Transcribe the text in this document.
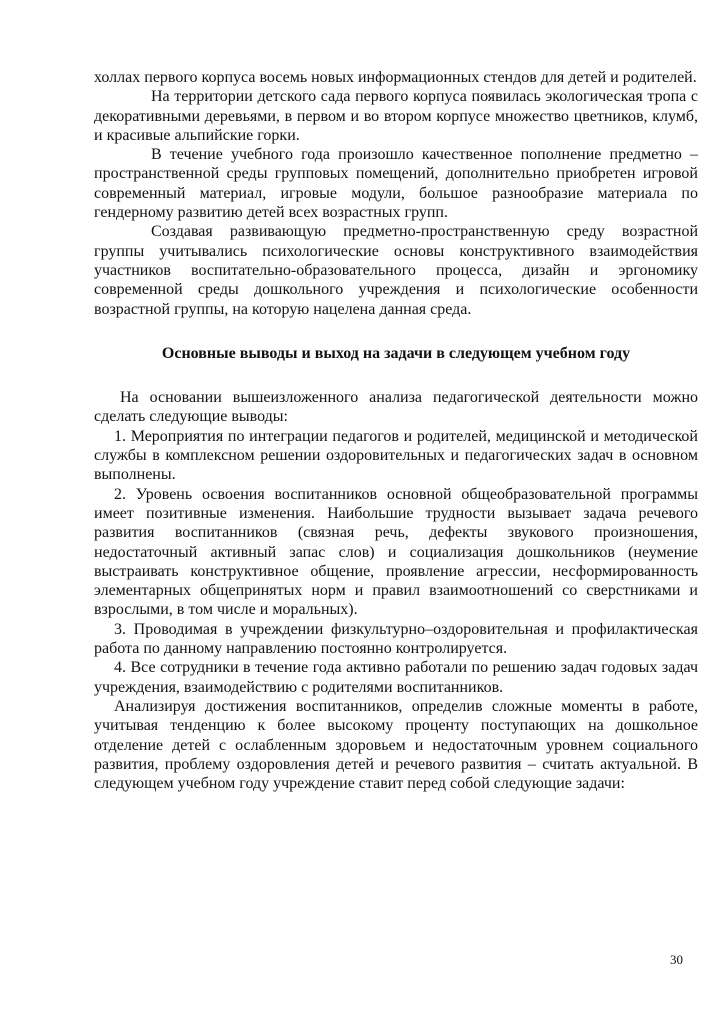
холлах первого корпуса восемь новых информационных стендов для детей и родителей.

На территории детского сада первого корпуса появилась экологическая тропа с декоративными деревьями, в первом и во втором корпусе множество цветников, клумб, и красивые альпийские горки.

В течение учебного года произошло качественное пополнение предметно – пространственной среды групповых помещений, дополнительно приобретен игровой современный материал, игровые модули, большое разнообразие материала по гендерному развитию детей всех возрастных групп.

Создавая развивающую предметно-пространственную среду возрастной группы учитывались психологические основы конструктивного взаимодействия участников воспитательно-образовательного процесса, дизайн и эргономику современной среды дошкольного учреждения и психологические особенности возрастной группы, на которую нацелена данная среда.

Основные выводы и выход на задачи в следующем учебном году

На основании вышеизложенного анализа педагогической деятельности можно сделать следующие выводы:

1. Мероприятия по интеграции педагогов и родителей, медицинской и методической службы в комплексном решении оздоровительных и педагогических задач в основном выполнены.

2. Уровень освоения воспитанников основной общеобразовательной программы имеет позитивные изменения. Наибольшие трудности вызывает задача речевого развития воспитанников (связная речь, дефекты звукового произношения, недостаточный активный запас слов) и социализация дошкольников (неумение выстраивать конструктивное общение, проявление агрессии, несформированность элементарных общепринятых норм и правил взаимоотношений со сверстниками и взрослыми, в том числе и моральных).

3. Проводимая в учреждении физкультурно–оздоровительная и профилактическая работа по данному направлению постоянно контролируется.

4. Все сотрудники в течение года активно работали по решению задач годовых задач учреждения, взаимодействию с родителями воспитанников.

Анализируя достижения воспитанников, определив сложные моменты в работе, учитывая тенденцию к более высокому проценту поступающих на дошкольное отделение детей с ослабленным здоровьем и недостаточным уровнем социального развития, проблему оздоровления детей и речевого развития – считать актуальной. В следующем учебном году учреждение ставит перед собой следующие задачи:

30
